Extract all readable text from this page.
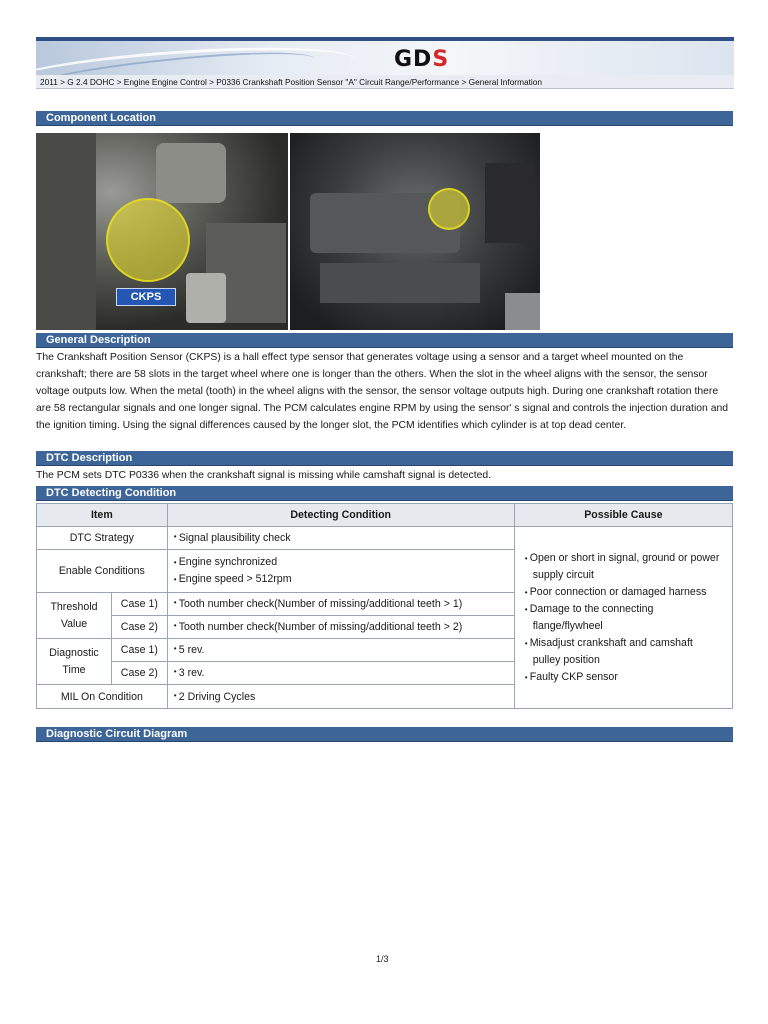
GDS
2011 > G 2.4 DOHC > Engine Engine Control > P0336 Crankshaft Position Sensor "A" Circuit Range/Performance > General Information
Component Location
CKPS
General Description
The Crankshaft Position Sensor (CKPS) is a hall effect type sensor that generates voltage using a sensor and a target wheel mounted on the crankshaft; there are 58 slots in the target wheel where one is longer than the others. When the slot in the wheel aligns with the sensor, the sensor voltage outputs low. When the metal (tooth) in the wheel aligns with the sensor, the sensor voltage outputs high. During one crankshaft rotation there are 58 rectangular signals and one longer signal. The PCM calculates engine RPM by using the sensor' s signal and controls the injection duration and the ignition timing. Using the signal differences caused by the longer slot, the PCM identifies which cylinder is at top dead center.
DTC Description
The PCM sets DTC P0336 when the crankshaft signal is missing while camshaft signal is detected.
DTC Detecting Condition
Item		Detecting Condition	Possible Cause
DTC Strategy		• Signal plausibility check	• Open or short in signal, ground or power supply circuit
• Poor connection or damaged harness
• Damage to the connecting flange/flywheel
• Misadjust crankshaft and camshaft pulley position
• Faulty CKP sensor

Enable Conditions		• Engine synchronized
• Engine speed > 512rpm

Threshold
Value	Case 1)	• Tooth number check(Number of missing/additional teeth > 1)
	Case 2)	• Tooth number check(Number of missing/additional teeth > 2)

Diagnostic
Time	Case 1)	• 5 rev.
	Case 2)	• 3 rev.
MIL On Condition		• 2 Driving Cycles
Diagnostic Circuit Diagram
1/3
